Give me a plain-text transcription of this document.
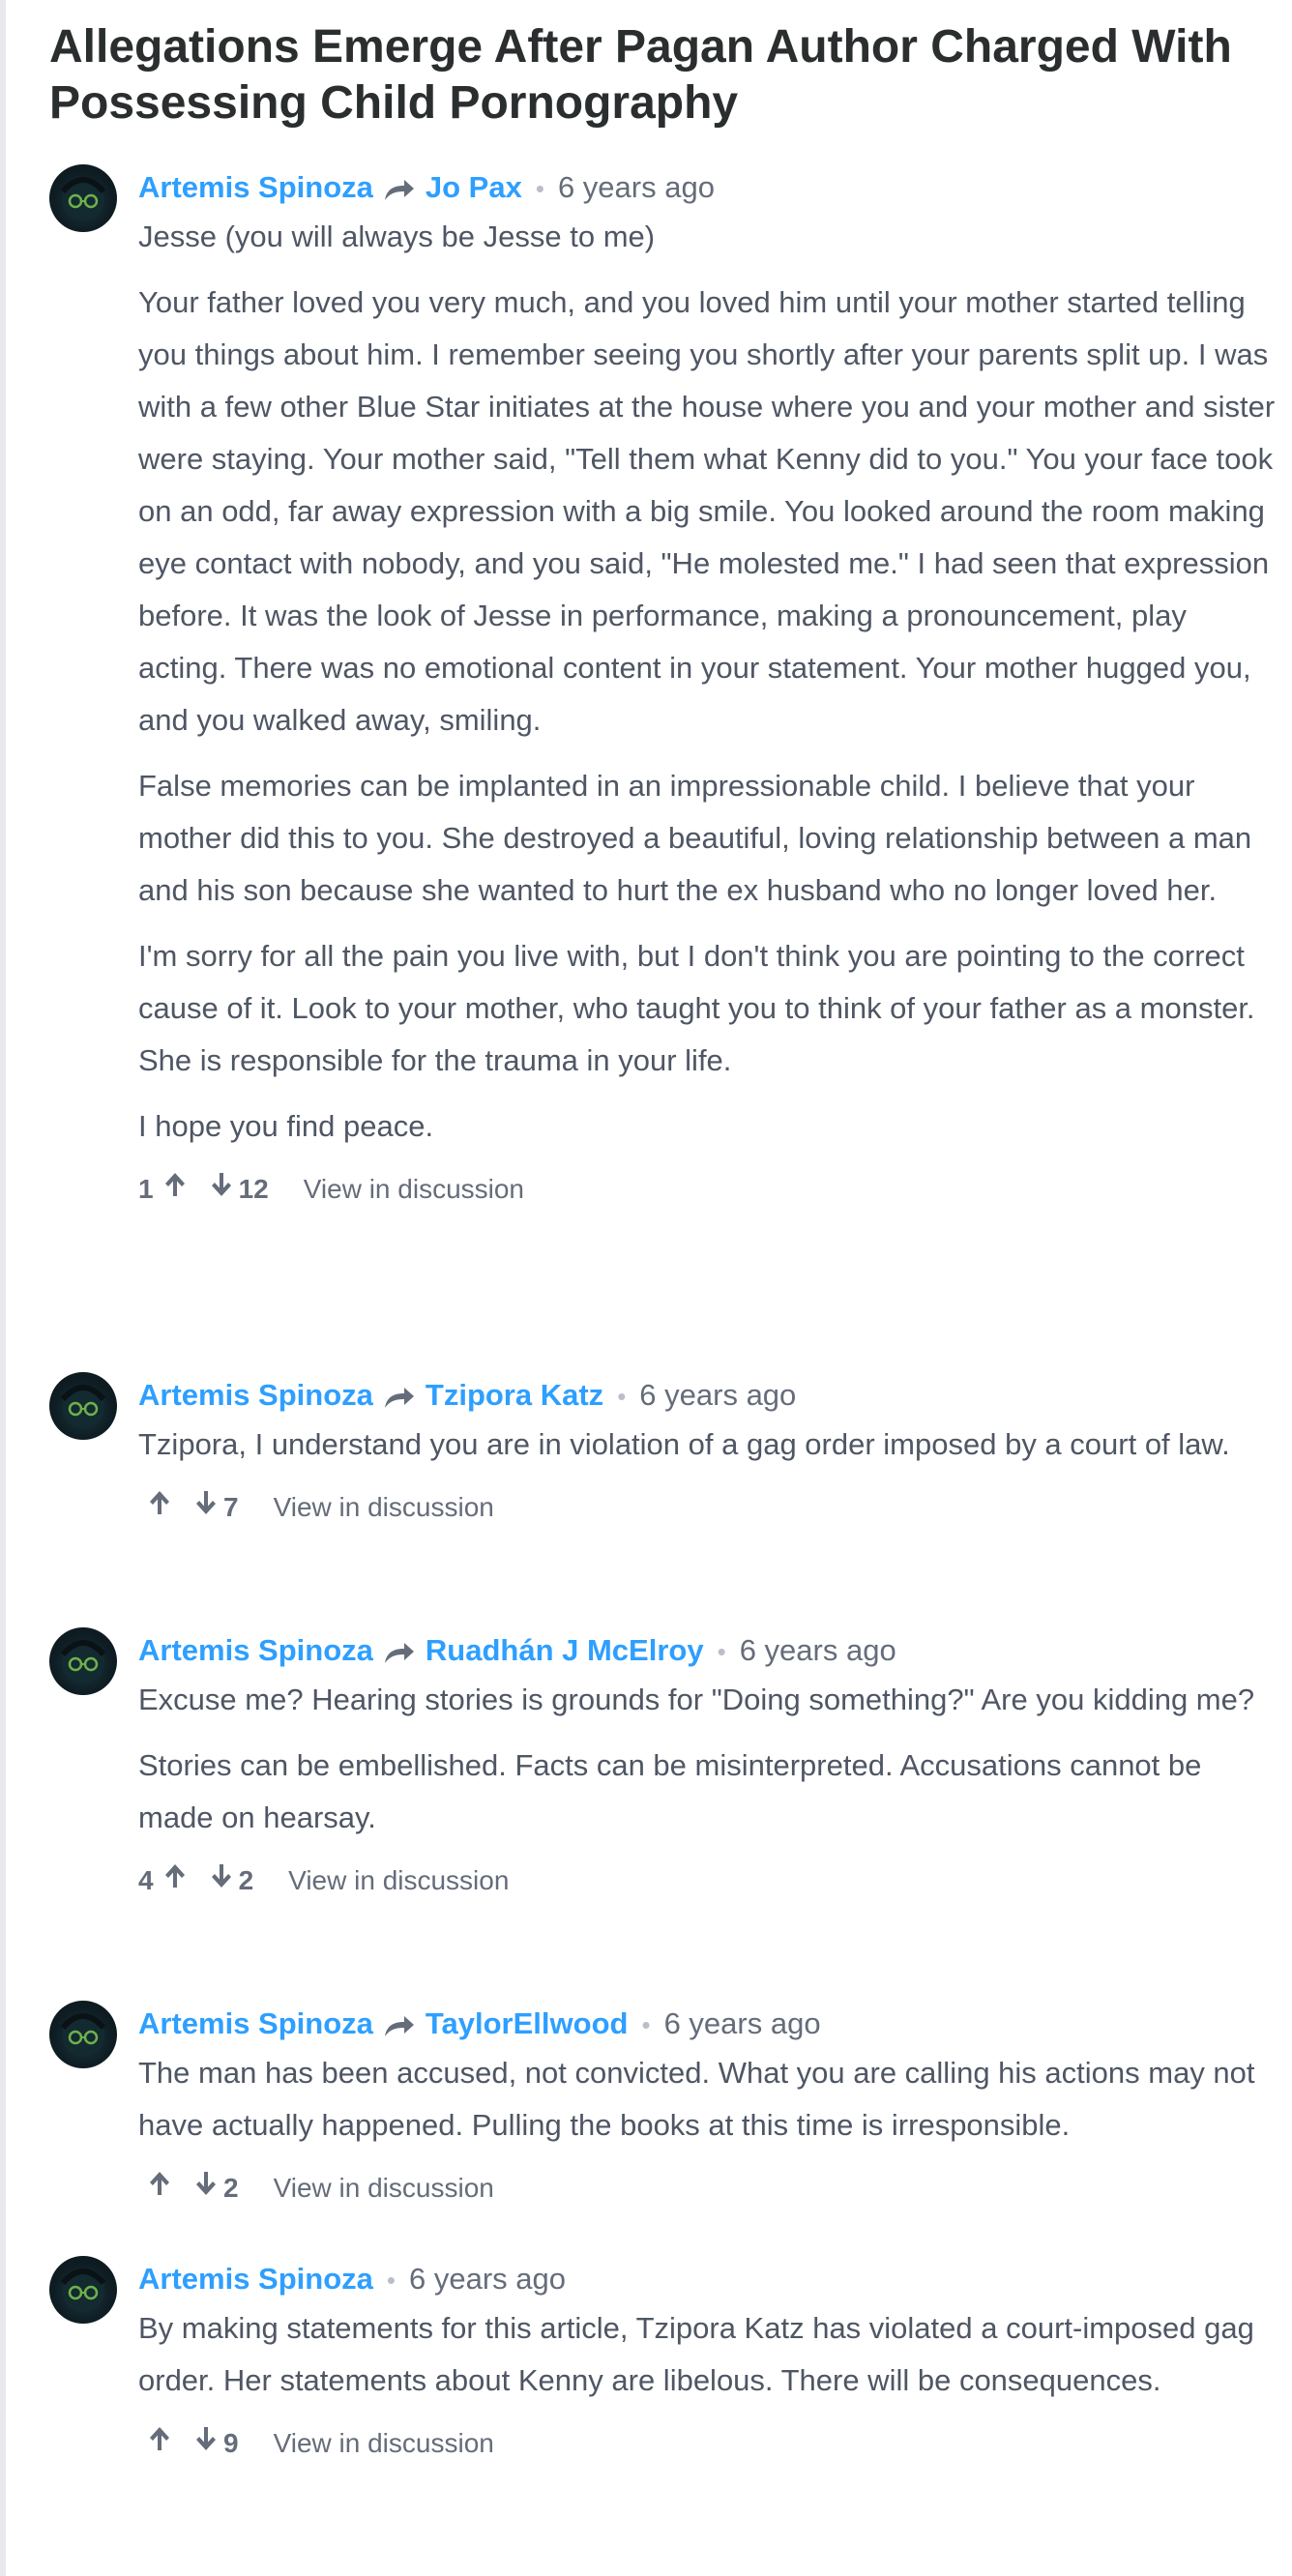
Allegations Emerge After Pagan Author Charged With Possessing Child Pornography
Artemis Spinoza Jo Pax • 6 years ago

Jesse (you will always be Jesse to me)

Your father loved you very much, and you loved him until your mother started telling you things about him. I remember seeing you shortly after your parents split up. I was with a few other Blue Star initiates at the house where you and your mother and sister were staying. Your mother said, "Tell them what Kenny did to you." You your face took on an odd, far away expression with a big smile. You looked around the room making eye contact with nobody, and you said, "He molested me." I had seen that expression before. It was the look of Jesse in performance, making a pronouncement, play acting. There was no emotional content in your statement. Your mother hugged you, and you walked away, smiling.

False memories can be implanted in an impressionable child. I believe that your mother did this to you. She destroyed a beautiful, loving relationship between a man and his son because she wanted to hurt the ex husband who no longer loved her.

I'm sorry for all the pain you live with, but I don't think you are pointing to the correct cause of it. Look to your mother, who taught you to think of your father as a monster. She is responsible for the trauma in your life.

I hope you find peace.

1	12 View in discussion
Artemis Spinoza Tzipora Katz • 6 years ago

Tzipora, I understand you are in violation of a gag order imposed by a court of law.

7 View in discussion
Artemis Spinoza Ruadhán J McElroy • 6 years ago

Excuse me? Hearing stories is grounds for "Doing something?" Are you kidding me?

Stories can be embellished. Facts can be misinterpreted. Accusations cannot be made on hearsay.

4	2 View in discussion
Artemis Spinoza TaylorEllwood • 6 years ago

The man has been accused, not convicted. What you are calling his actions may not have actually happened. Pulling the books at this time is irresponsible.

2 View in discussion
Artemis Spinoza • 6 years ago

By making statements for this article, Tzipora Katz has violated a court-imposed gag order. Her statements about Kenny are libelous. There will be consequences.

9 View in discussion
